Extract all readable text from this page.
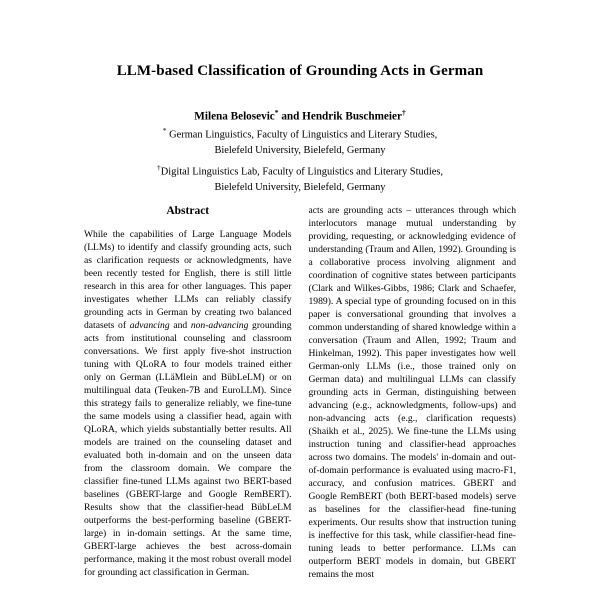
LLM-based Classification of Grounding Acts in German
Milena Belosevic* and Hendrik Buschmeier†
* German Linguistics, Faculty of Linguistics and Literary Studies,
Bielefeld University, Bielefeld, Germany
†Digital Linguistics Lab, Faculty of Linguistics and Literary Studies,
Bielefeld University, Bielefeld, Germany
Abstract

While the capabilities of Large Language Models (LLMs) to identify and classify grounding acts, such as clarification requests or acknowledgments, have been recently tested for English, there is still little research in this area for other languages. This paper investigates whether LLMs can reliably classify grounding acts in German by creating two balanced datasets of advancing and non-advancing grounding acts from institutional counseling and classroom conversations. We first apply five-shot instruction tuning with QLoRA to four models trained either only on German (LLäMlein and BübLeLM) or on multilingual data (Teuken-7B and EuroLLM). Since this strategy fails to generalize reliably, we fine-tune the same models using a classifier head, again with QLoRA, which yields substantially better results. All models are trained on the counseling dataset and evaluated both in-domain and on the unseen data from the classroom domain. We compare the classifier fine-tuned LLMs against two BERT-based baselines (GBERT-large and Google RemBERT). Results show that the classifier-head BübLeLM outperforms the best-performing baseline (GBERT-large) in in-domain settings. At the same time, GBERT-large achieves the best across-domain performance, making it the most robust overall model for grounding act classification in German.

acts are grounding acts – utterances through which interlocutors manage mutual understanding by providing, requesting, or acknowledging evidence of understanding (Traum and Allen, 1992). Grounding is a collaborative process involving alignment and coordination of cognitive states between participants (Clark and Wilkes-Gibbs, 1986; Clark and Schaefer, 1989). A special type of grounding focused on in this paper is conversational grounding that involves a common understanding of shared knowledge within a conversation (Traum and Allen, 1992; Traum and Hinkelman, 1992). This paper investigates how well German-only LLMs (i.e., those trained only on German data) and multilingual LLMs can classify grounding acts in German, distinguishing between advancing (e.g., acknowledgments, follow-ups) and non-advancing acts (e.g., clarification requests) (Shaikh et al., 2025). We fine-tune the LLMs using instruction tuning and classifier-head approaches across two domains. The models' in-domain and out-of-domain performance is evaluated using macro-F1, accuracy, and confusion matrices. GBERT and Google RemBERT (both BERT-based models) serve as baselines for the classifier-head fine-tuning experiments. Our results show that instruction tuning is ineffective for this task, while classifier-head fine-tuning leads to better performance. LLMs can outperform BERT models in domain, but GBERT remains the most
